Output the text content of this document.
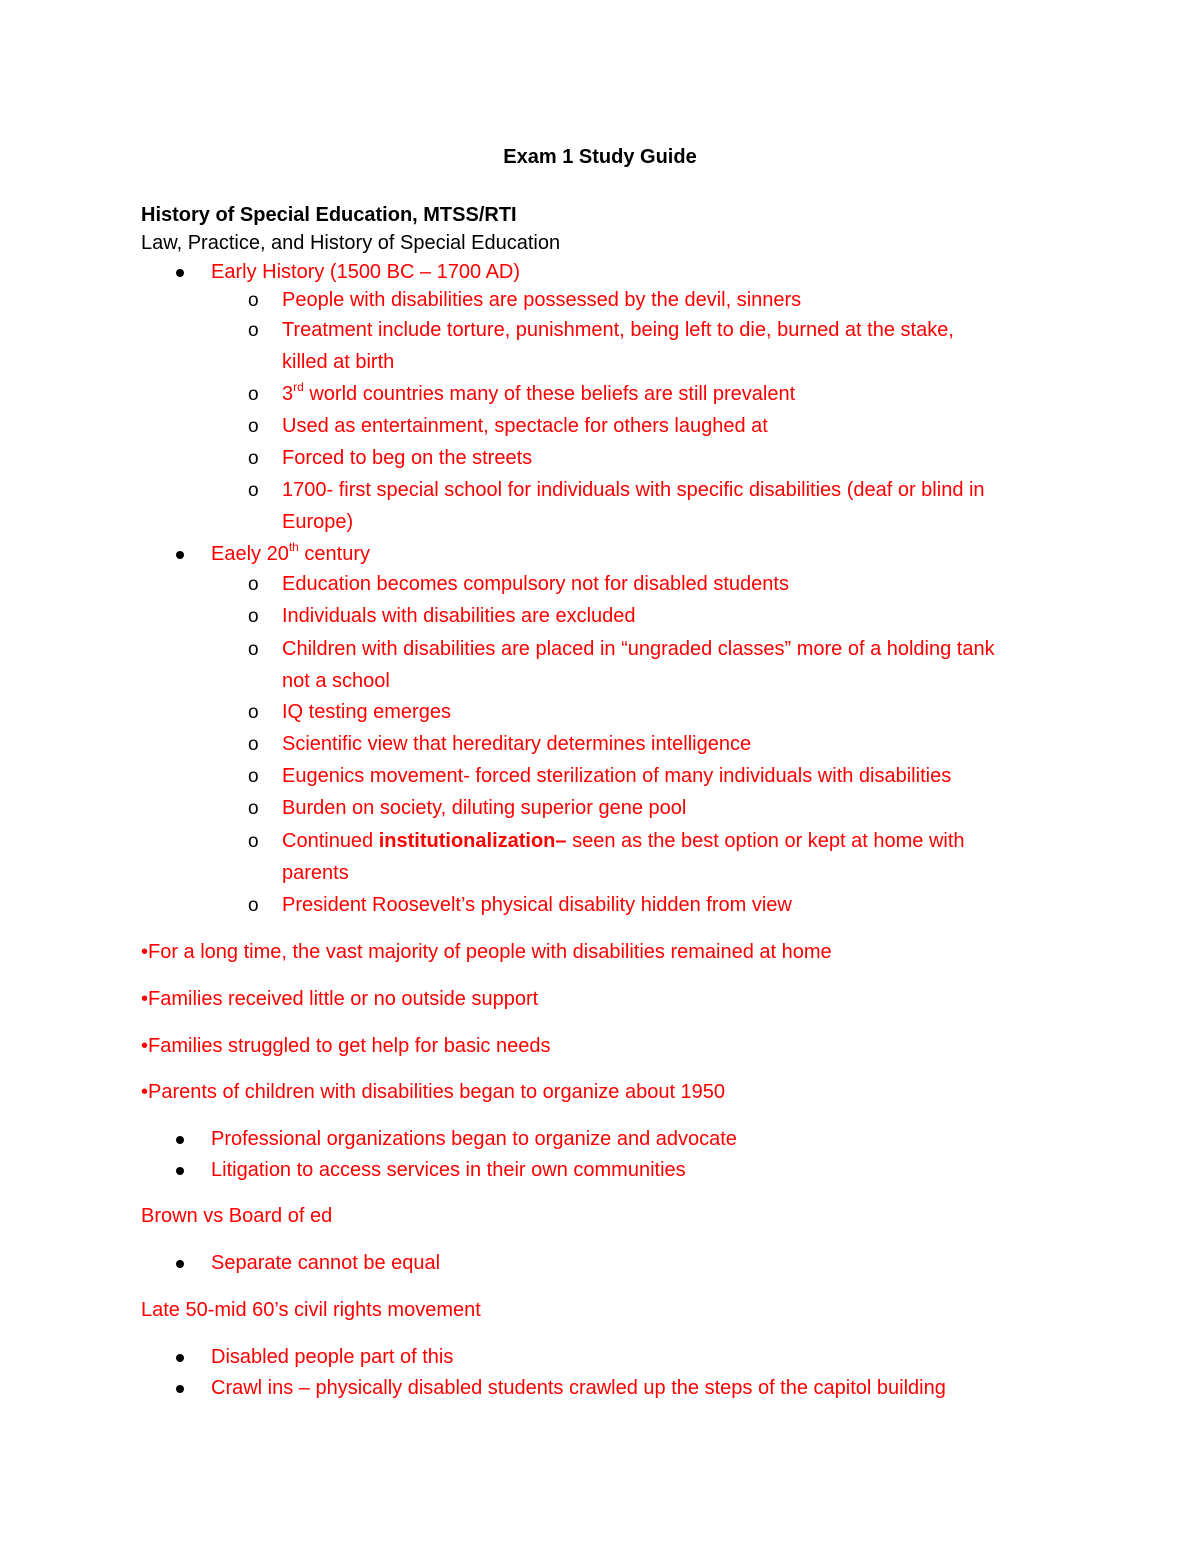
Exam 1 Study Guide
History of Special Education, MTSS/RTI
Law, Practice, and History of Special Education
Early History (1500 BC – 1700 AD)
o People with disabilities are possessed by the devil, sinners
o Treatment include torture, punishment, being left to die, burned at the stake,
killed at birth
o 3rd world countries many of these beliefs are still prevalent
o Used as entertainment, spectacle for others laughed at
o Forced to beg on the streets
o 1700- first special school for individuals with specific disabilities (deaf or blind in
Europe)
Eaely 20th century
o Education becomes compulsory not for disabled students
o Individuals with disabilities are excluded
o Children with disabilities are placed in “ungraded classes” more of a holding tank
not a school
o IQ testing emerges
o Scientific view that hereditary determines intelligence
o Eugenics movement- forced sterilization of many individuals with disabilities
o Burden on society, diluting superior gene pool
o Continued institutionalization– seen as the best option or kept at home with
parents
o President Roosevelt’s physical disability hidden from view
•For a long time, the vast majority of people with disabilities remained at home
•Families received little or no outside support
•Families struggled to get help for basic needs
•Parents of children with disabilities began to organize about 1950
Professional organizations began to organize and advocate
Litigation to access services in their own communities
Brown vs Board of ed
Separate cannot be equal
Late 50-mid 60’s civil rights movement
Disabled people part of this
Crawl ins – physically disabled students crawled up the steps of the capitol building
